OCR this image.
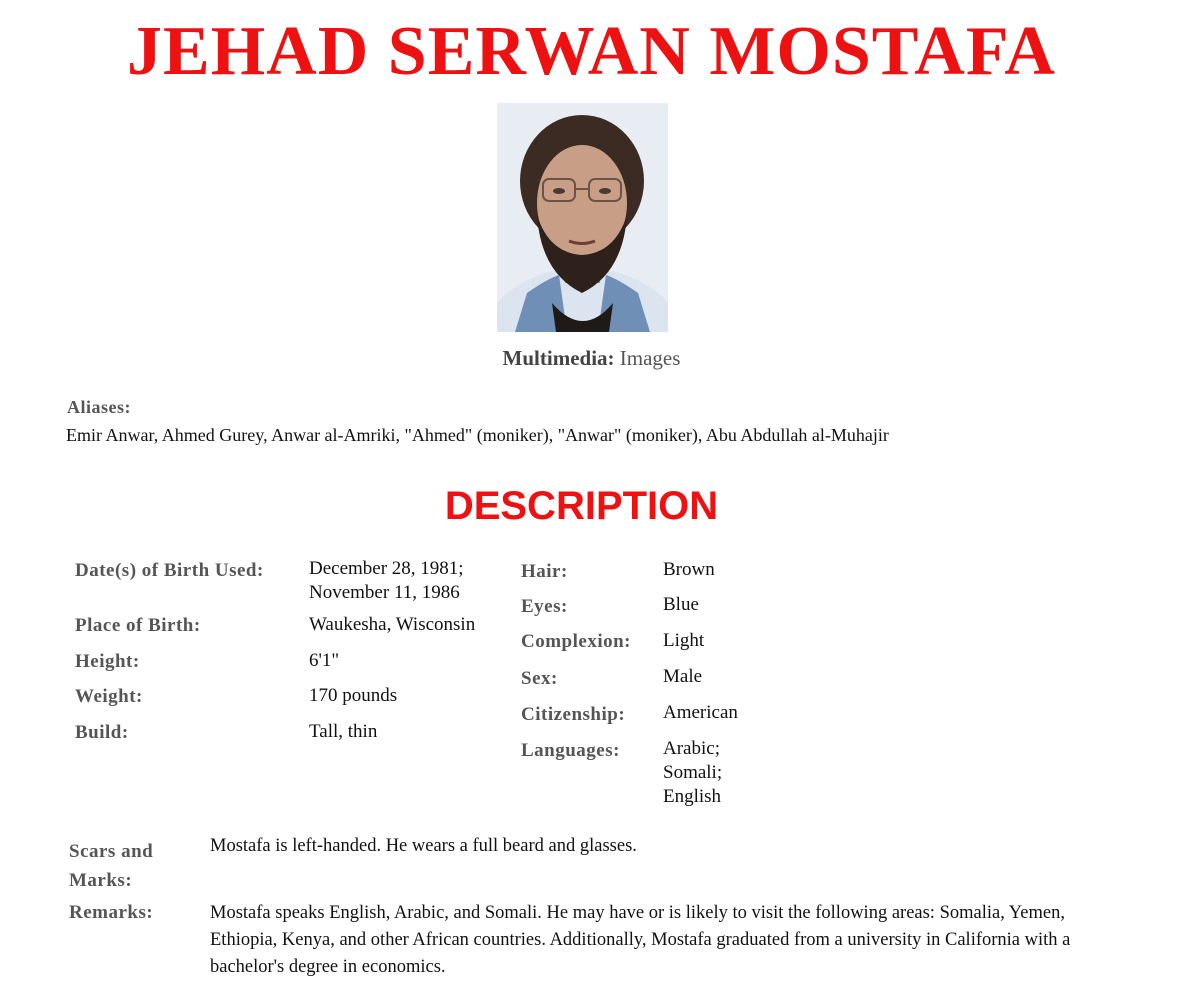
JEHAD SERWAN MOSTAFA
Multimedia: Images
Aliases:
Emir Anwar, Ahmed Gurey, Anwar al-Amriki, "Ahmed" (moniker), "Anwar" (moniker), Abu Abdullah al-Muhajir
DESCRIPTION
Date(s) of Birth Used: December 28, 1981; November 11, 1986
Place of Birth:	Waukesha, Wisconsin
Height:	6'1"
Weight:	170 pounds
Build:	Tall, thin
Hair:	Brown
Eyes:	Blue
Complexion: Light
Sex:	Male
Citizenship: American
Languages: Arabic; Somali; English
Scars and Marks:
Mostafa is left-handed. He wears a full beard and glasses.
Remarks:	Mostafa speaks English, Arabic, and Somali. He may have or is likely to visit the following areas: Somalia, Yemen, Ethiopia, Kenya, and other African countries. Additionally, Mostafa graduated from a university in California with a bachelor's degree in economics.
